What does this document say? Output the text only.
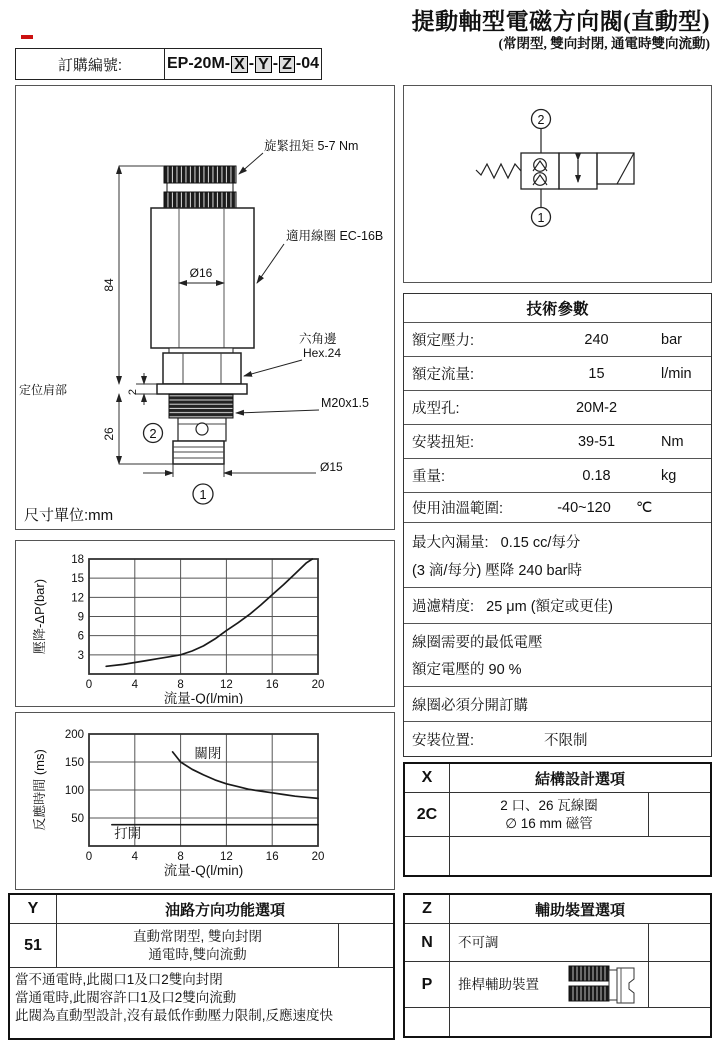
提動軸型電磁方向閥(直動型)
(常閉型, 雙向封閉, 通電時雙向流動)
訂購編號:	EP-20M- X - Y - Z -04
Ø16
84
26
2
定位肩部
Ø15
2
1
旋緊扭矩 5-7 Nm
適用線圈 EC-16B
六角邊
Hex.24
M20x1.5
尺寸單位:mm
2
1
技術參數
額定壓力:	240	bar
額定流量:	15	l/min
成型孔:	20M-2
安裝扭矩:	39-51	Nm
重量:	0.18	kg
使用油溫範圍:	-40~120	℃
最大內漏量: 0.15 cc/每分
(3 滴/每分) 壓降 240 bar時
過濾精度:
25 μm (額定或更佳)
線圈需要的最低電壓
額定電壓的 90 %
線圈必須分開訂購
安裝位置:	不限制
0	4	8	12	16	20
3
6
9
12
15
18
流量-Q(l/min)
壓降-ΔP(bar)
0	4	8	12	16	20
50
100
150
200
關閉
打開
流量-Q(l/min)
反應時間 (ms)	X	結構設計選項
2C
2 口、26 瓦線圈
∅ 16 mm 磁管
Y	油路方向功能選項
51
直動常閉型, 雙向封閉
通電時,雙向流動
當不通電時,此閥口1及口2雙向封閉
當通電時,此閥容許口1及口2雙向流動
此閥為直動型設計,沒有最低作動壓力限制,反應速度快
Z	輔助裝置選項
N	不可調
P	推桿輔助裝置
